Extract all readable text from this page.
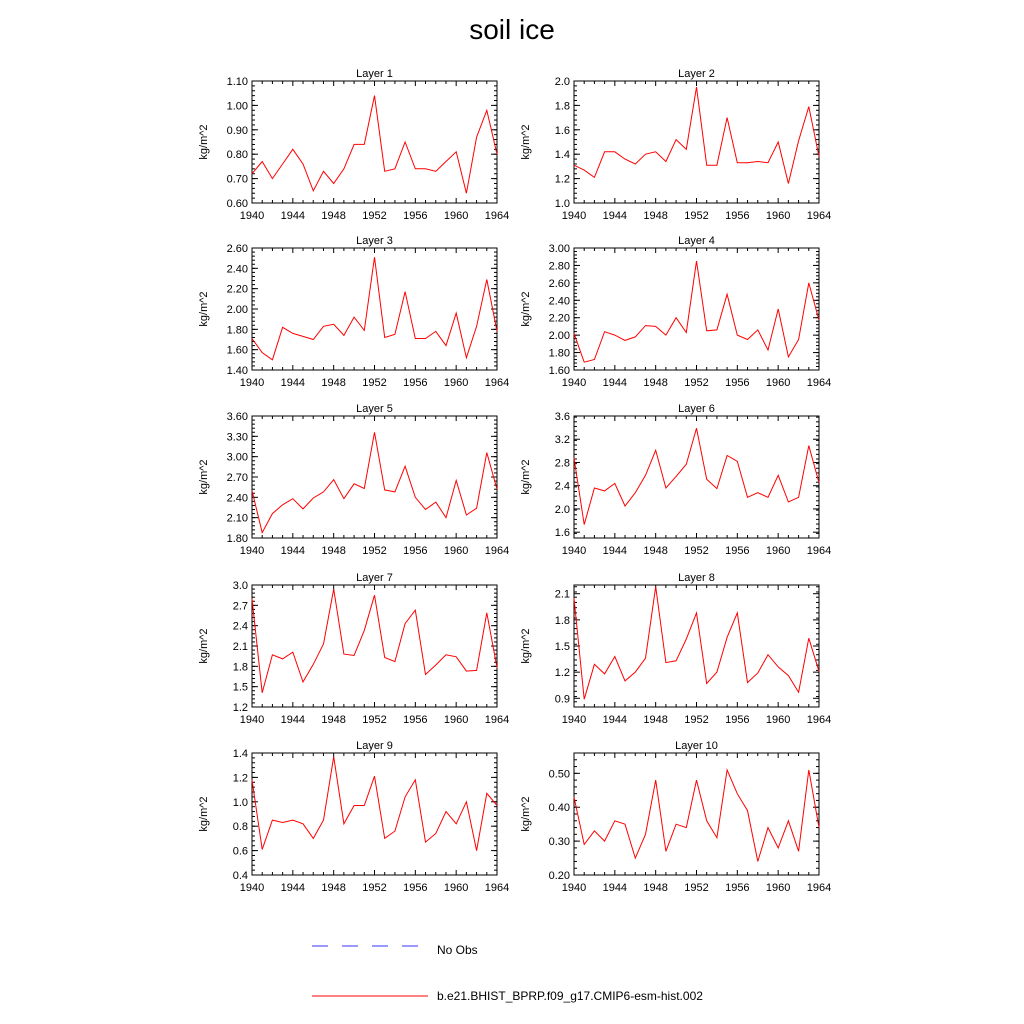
soil ice
Layer 1
kg/m^2
1940 1944 1948 1952 1956 1960 1964
0.60
0.70
0.80
0.90
1.00
1.10
Layer 2
kg/m^2
1940 1944 1948 1952 1956 1960 1964
1.0
1.2
1.4
1.6
1.8
2.0
Layer 3
kg/m^2
1940 1944 1948 1952 1956 1960 1964
1.40
1.60
1.80
2.00
2.20
2.40
2.60
Layer 4
kg/m^2
1940 1944 1948 1952 1956 1960 1964
1.60
1.80
2.00
2.20
2.40
2.60
2.80
3.00
Layer 5
kg/m^2
1940 1944 1948 1952 1956 1960 1964
1.80
2.10
2.40
2.70
3.00
3.30
3.60
Layer 6
kg/m^2
1940 1944 1948 1952 1956 1960 1964
1.6
2.0
2.4
2.8
3.2
3.6
Layer 7
kg/m^2
1940 1944 1948 1952 1956 1960 1964
1.2
1.5
1.8
2.1
2.4
2.7
3.0
Layer 8
kg/m^2
1940 1944 1948 1952 1956 1960 1964
0.9
1.2
1.5
1.8
2.1
Layer 9
kg/m^2
1940 1944 1948 1952 1956 1960 1964
0.4
0.6
0.8
1.0
1.2
1.4
Layer 10
kg/m^2
1940 1944 1948 1952 1956 1960 1964
0.20
0.30
0.40
0.50
No Obs
b.e21.BHIST_BPRP.f09_g17.CMIP6-esm-hist.002
